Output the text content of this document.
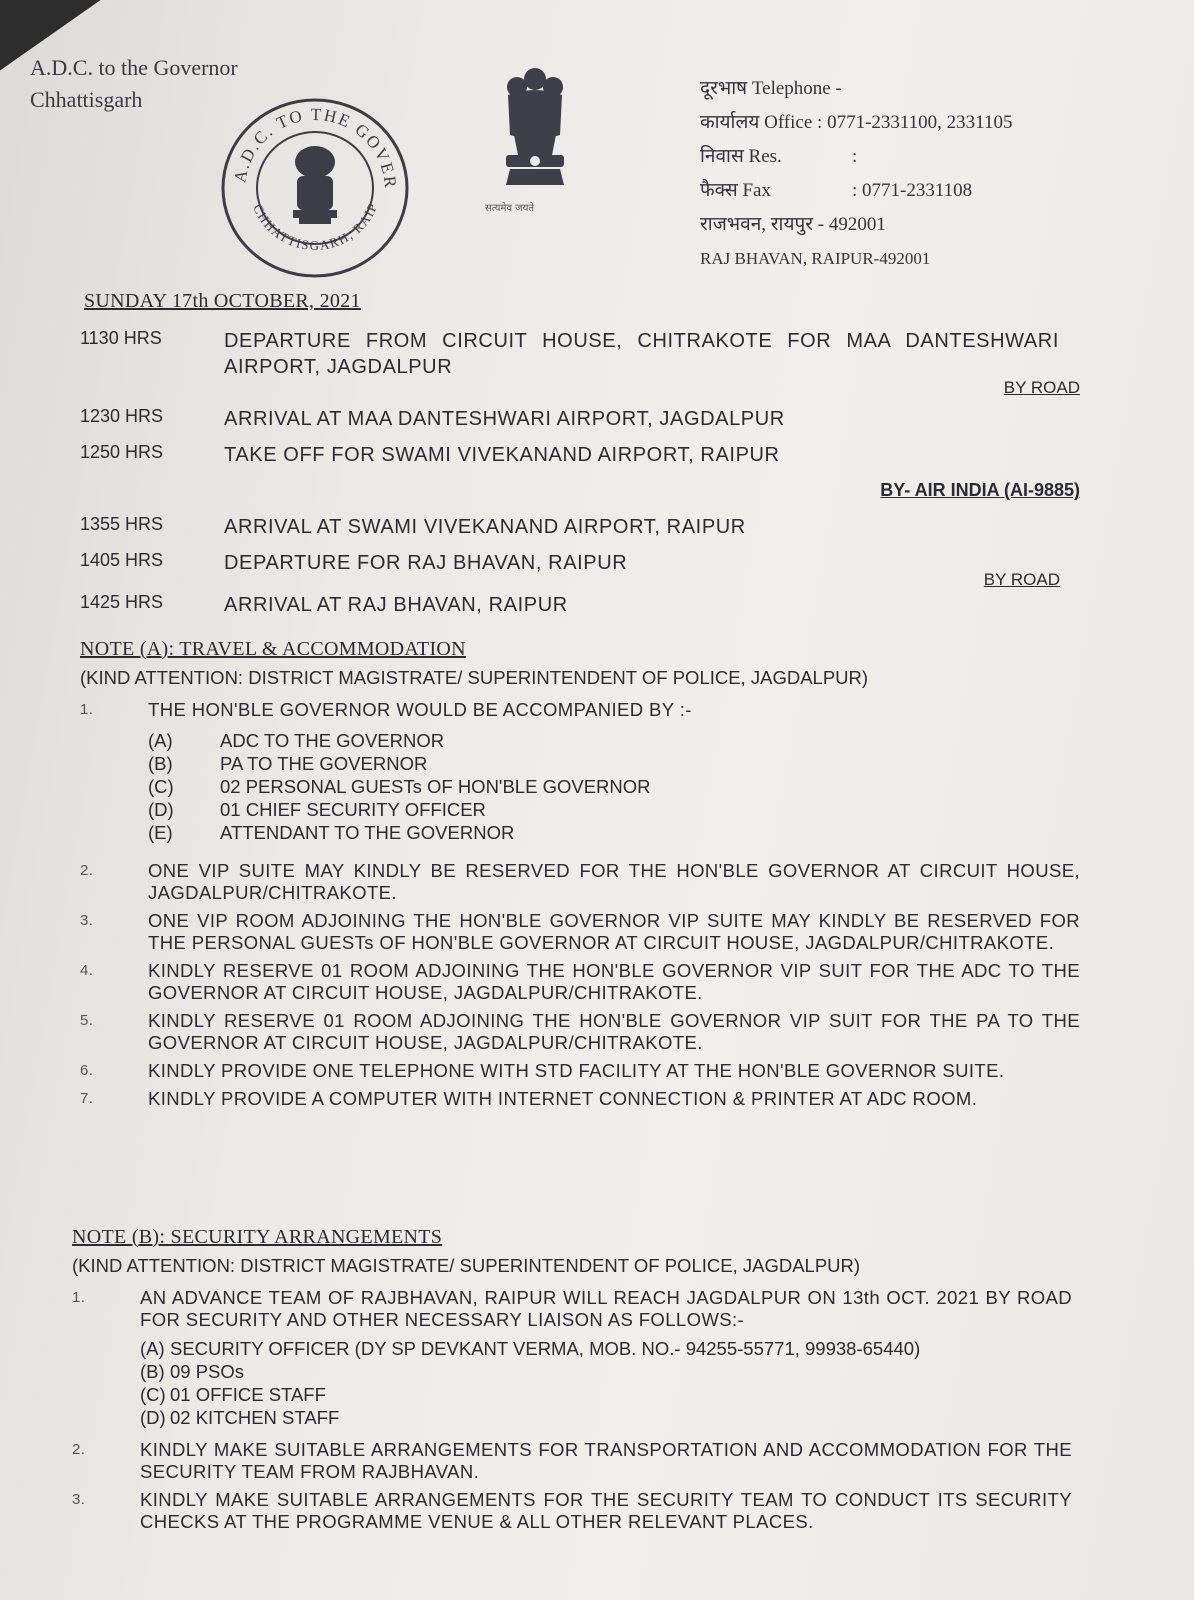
A.D.C. to the Governor
Chhattisgarh
A.D.C. TO THE GOVER
CHHATTISGARH, RAIP	सत्यमेव जयते
दूरभाष Telephone -
कार्यालय Office :
0771-2331100, 2331105
निवास Res.	:
फैक्स Fax	: 0771-2331108
राजभवन, रायपुर - 492001
RAJ BHAVAN, RAIPUR-492001
SUNDAY 17th OCTOBER, 2021
1130 HRS	DEPARTURE FROM CIRCUIT HOUSE, CHITRAKOTE FOR MAA DANTESHWARI AIRPORT, JAGDALPUR
BY ROAD
1230 HRS	ARRIVAL AT MAA DANTESHWARI AIRPORT, JAGDALPUR
1250 HRS	TAKE OFF FOR SWAMI VIVEKANAND AIRPORT, RAIPUR
BY- AIR INDIA (AI-9885)
1355 HRS	ARRIVAL AT SWAMI VIVEKANAND AIRPORT, RAIPUR
1405 HRS	DEPARTURE FOR RAJ BHAVAN, RAIPUR
BY ROAD
1425 HRS	ARRIVAL AT RAJ BHAVAN, RAIPUR
NOTE (A): TRAVEL & ACCOMMODATION
(KIND ATTENTION: DISTRICT MAGISTRATE/ SUPERINTENDENT OF POLICE, JAGDALPUR)
1.	THE HON'BLE GOVERNOR WOULD BE ACCOMPANIED BY :-
(A)	ADC TO THE GOVERNOR
(B)	PA TO THE GOVERNOR
(C)	02 PERSONAL GUESTs OF HON'BLE GOVERNOR
(D)	01 CHIEF SECURITY OFFICER
(E)	ATTENDANT TO THE GOVERNOR
2.	ONE VIP SUITE MAY KINDLY BE RESERVED FOR THE HON'BLE GOVERNOR AT CIRCUIT HOUSE, JAGDALPUR/CHITRAKOTE.
3.	ONE VIP ROOM ADJOINING THE HON'BLE GOVERNOR VIP SUITE MAY KINDLY BE RESERVED FOR THE PERSONAL GUESTs OF HON'BLE GOVERNOR AT CIRCUIT HOUSE, JAGDALPUR/CHITRAKOTE.
4.	KINDLY RESERVE 01 ROOM ADJOINING THE HON'BLE GOVERNOR VIP SUIT FOR THE ADC TO THE GOVERNOR AT CIRCUIT HOUSE, JAGDALPUR/CHITRAKOTE.
5.	KINDLY RESERVE 01 ROOM ADJOINING THE HON'BLE GOVERNOR VIP SUIT FOR THE PA TO THE GOVERNOR AT CIRCUIT HOUSE, JAGDALPUR/CHITRAKOTE.
6.	KINDLY PROVIDE ONE TELEPHONE WITH STD FACILITY AT THE HON'BLE GOVERNOR SUITE.
7.	KINDLY PROVIDE A COMPUTER WITH INTERNET CONNECTION & PRINTER AT ADC ROOM.
NOTE (B): SECURITY ARRANGEMENTS
(KIND ATTENTION: DISTRICT MAGISTRATE/ SUPERINTENDENT OF POLICE, JAGDALPUR)
1.	AN ADVANCE TEAM OF RAJBHAVAN, RAIPUR WILL REACH JAGDALPUR ON 13th OCT. 2021 BY ROAD FOR SECURITY AND OTHER NECESSARY LIAISON AS FOLLOWS:-
(A) SECURITY OFFICER (DY SP DEVKANT VERMA, MOB. NO.- 94255-55771, 99938-65440)
(B) 09 PSOs
(C) 01 OFFICE STAFF
(D) 02 KITCHEN STAFF
2.	KINDLY MAKE SUITABLE ARRANGEMENTS FOR TRANSPORTATION AND ACCOMMODATION FOR THE SECURITY TEAM FROM RAJBHAVAN.
3.	KINDLY MAKE SUITABLE ARRANGEMENTS FOR THE SECURITY TEAM TO CONDUCT ITS SECURITY CHECKS AT THE PROGRAMME VENUE & ALL OTHER RELEVANT PLACES.
